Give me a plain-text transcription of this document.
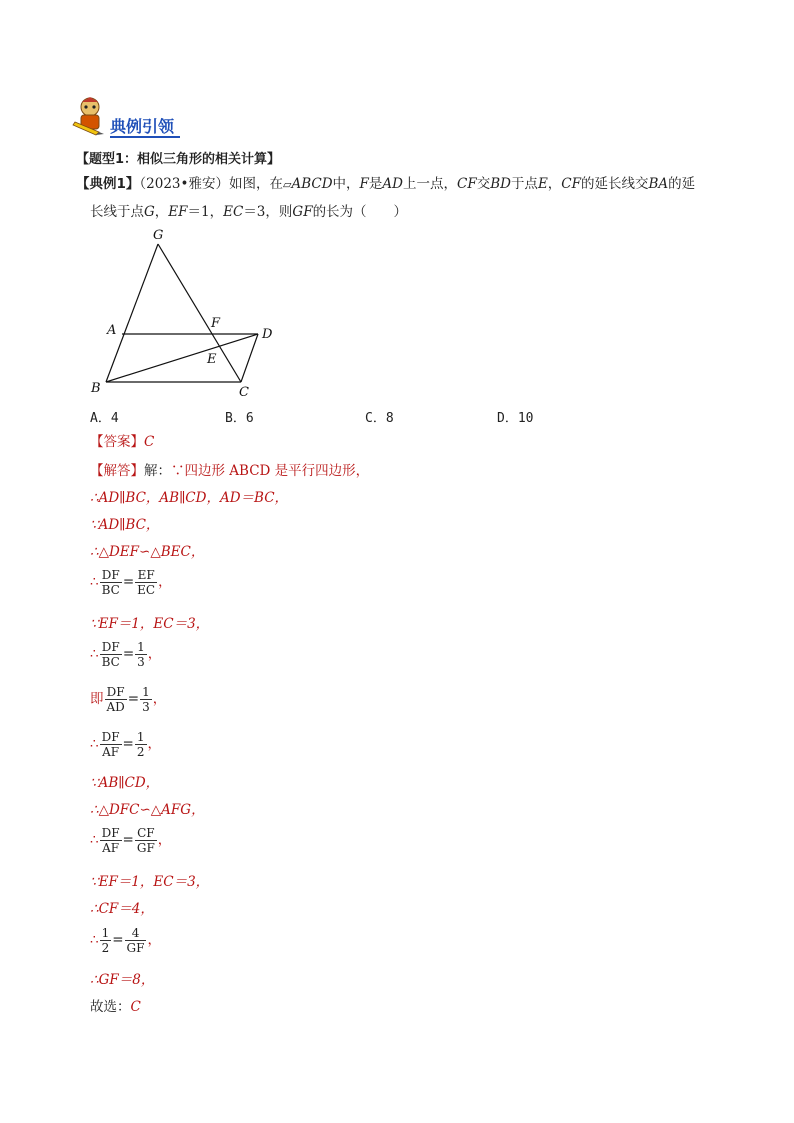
典例引领
【题型1：相似三角形的相关计算】
【典例1】（2023•雅安）如图，在▱ABCD中，F是AD上一点，CF交BD于点E，CF的延长线交BA的延
长线于点G，EF＝1，EC＝3，则GF的长为（　　）
G
A	F
D
E
B	C
A．4	B．6	C．8	D．10
【答案】C
【解答】解：∵四边形 ABCD 是平行四边形，
∴AD∥BC，AB∥CD，AD＝BC，
∵AD∥BC，
∴△DEF∽△BEC，
∴ $\frac{DF}{BC} = \frac{EF}{EC}$ ，
∵EF＝1，EC＝3，
∴ $\frac{DF}{BC} = \frac{1}{3}$ ，
即 $\frac{DF}{AD} = \frac{1}{3}$ ，
∴ $\frac{DF}{AF} = \frac{1}{2}$ ，
∵AB∥CD，
∴△DFC∽△AFG，
∴ $\frac{DF}{AF} = \frac{CF}{GF}$ ，
∵EF＝1，EC＝3，
∴CF＝4，
∴ $\frac{1}{2} = \frac{4}{GF}$ ，
∴GF＝8，
故选：C
